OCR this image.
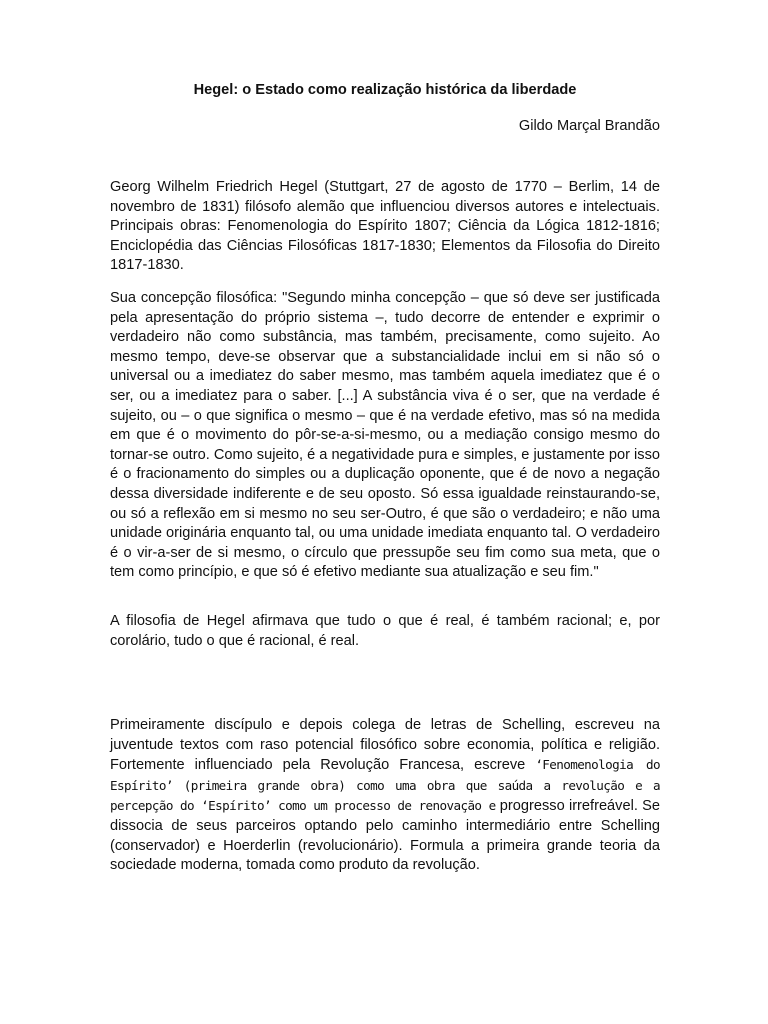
Hegel: o Estado como realização histórica da liberdade

Gildo Marçal Brandão

Georg Wilhelm Friedrich Hegel (Stuttgart, 27 de agosto de 1770 – Berlim, 14 de novembro de 1831) filósofo alemão que influenciou diversos autores e intelectuais. Principais obras: Fenomenologia do Espírito 1807; Ciência da Lógica 1812-1816; Enciclopédia das Ciências Filosóficas 1817-1830; Elementos da Filosofia do Direito 1817-1830.

Sua concepção filosófica: "Segundo minha concepção – que só deve ser justificada pela apresentação do próprio sistema –, tudo decorre de entender e exprimir o verdadeiro não como substância, mas também, precisamente, como sujeito. Ao mesmo tempo, deve-se observar que a substancialidade inclui em si não só o universal ou a imediatez do saber mesmo, mas também aquela imediatez que é o ser, ou a imediatez para o saber. [...] A substância viva é o ser, que na verdade é sujeito, ou – o que significa o mesmo – que é na verdade efetivo, mas só na medida em que é o movimento do pôr-se-a-si-mesmo, ou a mediação consigo mesmo do tornar-se outro. Como sujeito, é a negatividade pura e simples, e justamente por isso é o fracionamento do simples ou a duplicação oponente, que é de novo a negação dessa diversidade indiferente e de seu oposto. Só essa igualdade reinstaurando-se, ou só a reflexão em si mesmo no seu ser-Outro, é que são o verdadeiro; e não uma unidade originária enquanto tal, ou uma unidade imediata enquanto tal. O verdadeiro é o vir-a-ser de si mesmo, o círculo que pressupõe seu fim como sua meta, que o tem como princípio, e que só é efetivo mediante sua atualização e seu fim."

A filosofia de Hegel afirmava que tudo o que é real, é também racional; e, por corolário, tudo o que é racional, é real.

Primeiramente discípulo e depois colega de letras de Schelling, escreveu na juventude textos com raso potencial filosófico sobre economia, política e religião. Fortemente influenciado pela Revolução Francesa, escreve ‘Fenomenologia do Espírito’ (primeira grande obra) como uma obra que saúda a revolução e a percepção do ‘Espírito’ como um processo de renovação e progresso irrefreável. Se dissocia de seus parceiros optando pelo caminho intermediário entre Schelling (conservador) e Hoerderlin (revolucionário). Formula a primeira grande teoria da sociedade moderna, tomada como produto da revolução.
